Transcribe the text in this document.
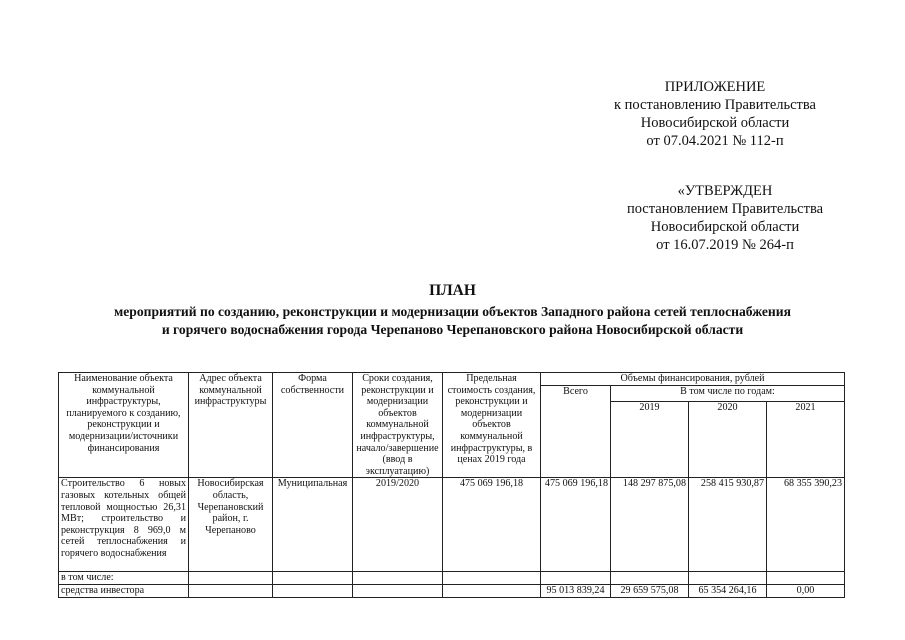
ПРИЛОЖЕНИЕ
к постановлению Правительства
Новосибирской области
от 07.04.2021 № 112-п
«УТВЕРЖДЕН
постановлением Правительства
Новосибирской области
от 16.07.2019 № 264-п
ПЛАН
мероприятий по созданию, реконструкции и модернизации объектов Западного района сетей теплоснабжения
и горячего водоснабжения города Черепаново Черепановского района Новосибирской области
Наименование объекта коммунальной инфраструктуры, планируемого к созданию, реконструкции и модернизации/источники финансирования	Адрес объекта коммунальной инфраструктуры	Форма собственности	Сроки создания, реконструкции и модернизации объектов коммунальной инфраструктуры, начало/завершение (ввод в эксплуатацию)	Предельная стоимость создания, реконструкции и модернизации объектов коммунальной инфраструктуры, в ценах 2019 года	Объемы финансирования, рублей			
					Всего	В том числе по годам:		
						2019	2020	2021
Строительство 6 новых газовых котельных общей тепловой мощностью 26,31 МВт; строительство и реконструкция 8 969,0 м сетей теплоснабжения и горячего водоснабжения	Новосибирская область, Черепановский район, г. Черепаново	Муниципальная	2019/2020	475 069 196,18	475 069 196,18	148 297 875,08	258 415 930,87	68 355 390,23
в том числе:								
средства инвестора					95 013 839,24	29 659 575,08	65 354 264,16	0,00
